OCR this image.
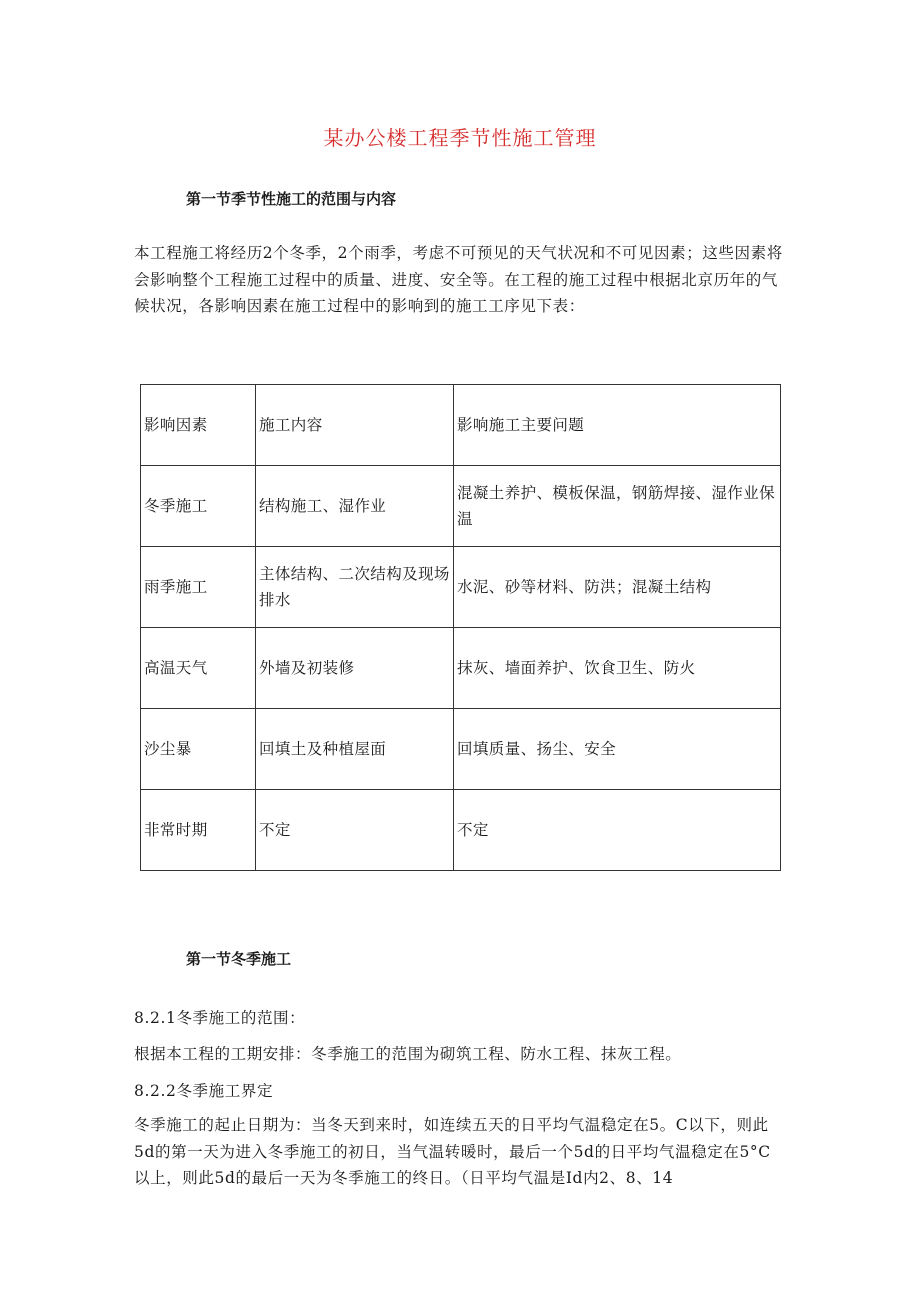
某办公楼工程季节性施工管理
第一节季节性施工的范围与内容

本工程施工将经历2个冬季，2个雨季，考虑不可预见的天气状况和不可见因素；这些因素将会影响整个工程施工过程中的质量、进度、安全等。在工程的施工过程中根据北京历年的气候状况，各影响因素在施工过程中的影响到的施工工序见下表：

影响因素	施工内容	影响施工主要问题
冬季施工	结构施工、湿作业	混凝土养护、模板保温，钢筋焊接、湿作业保温
雨季施工	主体结构、二次结构及现场排水	水泥、砂等材料、防洪；混凝土结构
高温天气	外墙及初装修	抹灰、墙面养护、饮食卫生、防火
沙尘暴	回填土及种植屋面	回填质量、扬尘、安全
非常时期	不定	不定
第一节冬季施工
8.2.1冬季施工的范围：
根据本工程的工期安排：冬季施工的范围为砌筑工程、防水工程、抹灰工程。
8.2.2冬季施工界定

冬季施工的起止日期为：当冬天到来时，如连续五天的日平均气温稳定在5。C以下，则此5d的第一天为进入冬季施工的初日，当气温转暖时，最后一个5d的日平均气温稳定在5°C以上，则此5d的最后一天为冬季施工的终日。（日平均气温是Id内2、8、14
